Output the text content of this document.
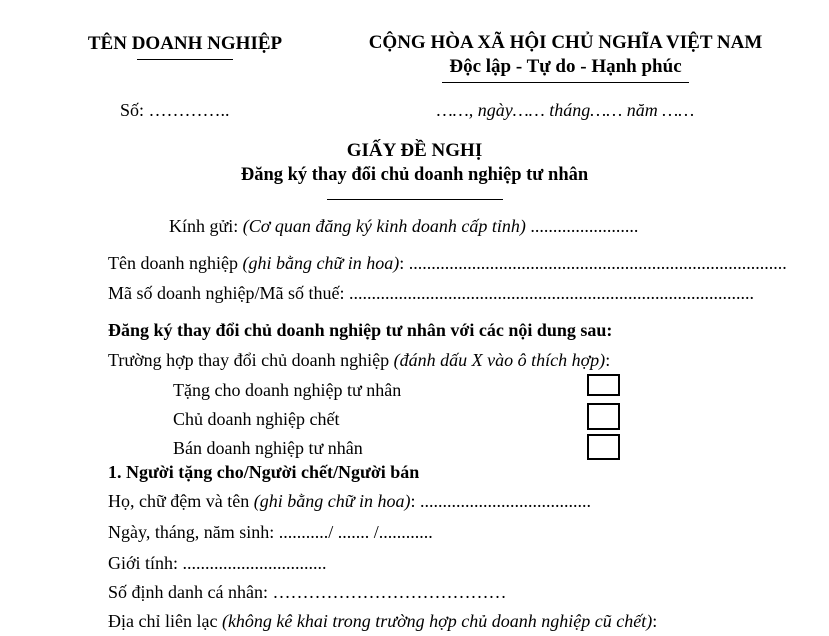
TÊN DOANH NGHIỆP	CỘNG HÒA XÃ HỘI CHỦ NGHĨA VIỆT NAM
Độc lập - Tự do - Hạnh phúc
Số: …………..	……, ngày…… tháng…… năm ……
GIẤY ĐỀ NGHỊ
Đăng ký thay đổi chủ doanh nghiệp tư nhân
Kính gửi: (Cơ quan đăng ký kinh doanh cấp tỉnh) ........................
Tên doanh nghiệp (ghi bằng chữ in hoa): ....................................................................................
Mã số doanh nghiệp/Mã số thuế: ..........................................................................................
Đăng ký thay đổi chủ doanh nghiệp tư nhân với các nội dung sau:
Trường hợp thay đổi chủ doanh nghiệp (đánh dấu X vào ô thích hợp):
Tặng cho doanh nghiệp tư nhân
Chủ doanh nghiệp chết
Bán doanh nghiệp tư nhân
1. Người tặng cho/Người chết/Người bán
Họ, chữ đệm và tên (ghi bằng chữ in hoa): ......................................
Ngày, tháng, năm sinh: .........../ ....... /............
Giới tính: ................................
Số định danh cá nhân: …………………………………
Địa chỉ liên lạc (không kê khai trong trường hợp chủ doanh nghiệp cũ chết):
